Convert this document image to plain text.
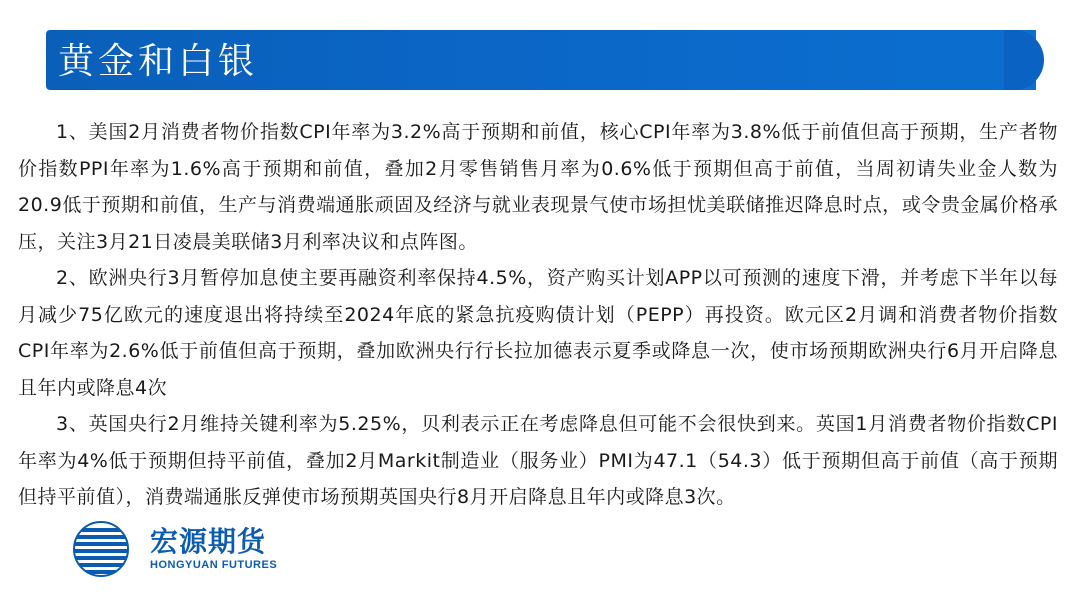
黄金和白银

1、美国2月消费者物价指数CPI年率为3.2%高于预期和前值，核心CPI年率为3.8%低于前值但高于预期，生产者物价指数PPI年率为1.6%高于预期和前值，叠加2月零售销售月率为0.6%低于预期但高于前值，当周初请失业金人数为20.9低于预期和前值，生产与消费端通胀顽固及经济与就业表现景气使市场担忧美联储推迟降息时点，或令贵金属价格承压，关注3月21日凌晨美联储3月利率决议和点阵图。

2、欧洲央行3月暂停加息使主要再融资利率保持4.5%，资产购买计划APP以可预测的速度下滑，并考虑下半年以每月减少75亿欧元的速度退出将持续至2024年底的紧急抗疫购债计划（PEPP）再投资。欧元区2月调和消费者物价指数CPI年率为2.6%低于前值但高于预期，叠加欧洲央行行长拉加德表示夏季或降息一次，使市场预期欧洲央行6月开启降息且年内或降息4次

3、英国央行2月维持关键利率为5.25%，贝利表示正在考虑降息但可能不会很快到来。英国1月消费者物价指数CPI年率为4%低于预期但持平前值，叠加2月Markit制造业（服务业）PMI为47.1（54.3）低于预期但高于前值（高于预期但持平前值），消费端通胀反弹使市场预期英国央行8月开启降息且年内或降息3次。

宏源期货
HONGYUAN FUTURES
